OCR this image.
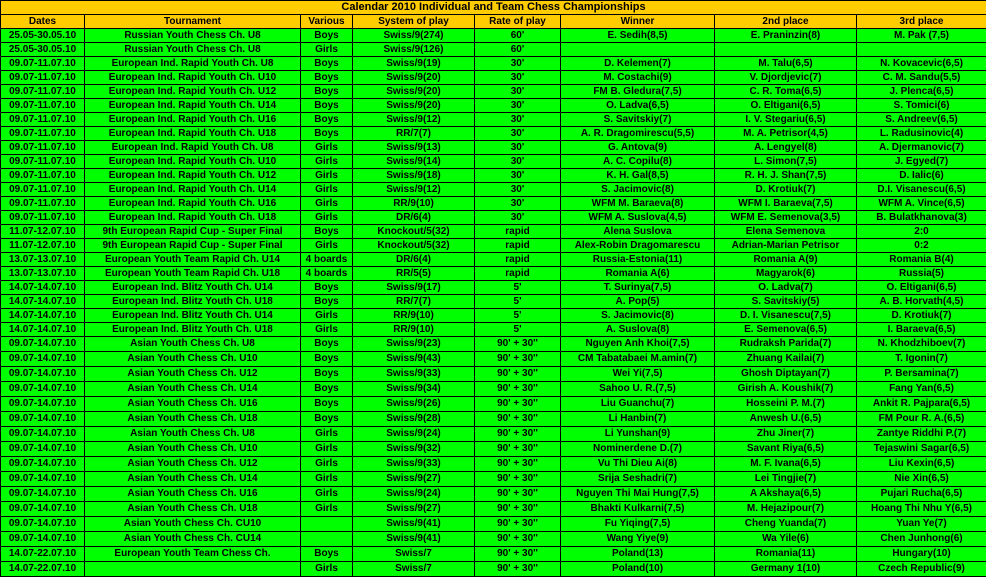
Calendar 2010 Individual and Team Chess Championships
Dates	Tournament	Various	System of play	Rate of play	Winner	2nd place	3rd place
25.05-30.05.10	Russian Youth Chess Ch. U8	Boys	Swiss/9(274)	60'	E. Sedih(8,5)	E. Praninzin(8)	M. Pak (7,5)
25.05-30.05.10	Russian Youth Chess Ch. U8	Girls	Swiss/9(126)	60'			
09.07-11.07.10	European Ind. Rapid Youth Ch. U8	Boys	Swiss/9(19)	30'	D. Kelemen(7)	M. Talu(6,5)	N. Kovacevic(6,5)
09.07-11.07.10	European Ind. Rapid Youth Ch. U10	Boys	Swiss/9(20)	30'	M. Costachi(9)	V. Djordjevic(7)	C. M. Sandu(5,5)
09.07-11.07.10	European Ind. Rapid Youth Ch. U12	Boys	Swiss/9(20)	30'	FM B. Gledura(7,5)	C. R. Toma(6,5)	J. Plenca(6,5)
09.07-11.07.10	European Ind. Rapid Youth Ch. U14	Boys	Swiss/9(20)	30'	O. Ladva(6,5)	O. Eltigani(6,5)	S. Tomici(6)
09.07-11.07.10	European Ind. Rapid Youth Ch. U16	Boys	Swiss/9(12)	30'	S. Savitskiy(7)	I. V. Stegariu(6,5)	S. Andreev(6,5)
09.07-11.07.10	European Ind. Rapid Youth Ch. U18	Boys	RR/7(7)	30'	A. R. Dragomirescu(5,5)	M. A. Petrisor(4,5)	L. Radusinovic(4)
09.07-11.07.10	European Ind. Rapid Youth Ch. U8	Girls	Swiss/9(13)	30'	G. Antova(9)	A. Lengyel(8)	A. Djermanovic(7)
09.07-11.07.10	European Ind. Rapid Youth Ch. U10	Girls	Swiss/9(14)	30'	A. C. Copilu(8)	L. Simon(7,5)	J. Egyed(7)
09.07-11.07.10	European Ind. Rapid Youth Ch. U12	Girls	Swiss/9(18)	30'	K. H. Gal(8,5)	R. H. J. Shan(7,5)	D. Ialic(6)
09.07-11.07.10	European Ind. Rapid Youth Ch. U14	Girls	Swiss/9(12)	30'	S. Jacimovic(8)	D. Krotiuk(7)	D.I. Visanescu(6,5)
09.07-11.07.10	European Ind. Rapid Youth Ch. U16	Girls	RR/9(10)	30'	WFM M. Baraeva(8)	WFM I. Baraeva(7,5)	WFM A. Vince(6,5)
09.07-11.07.10	European Ind. Rapid Youth Ch. U18	Girls	DR/6(4)	30'	WFM A. Suslova(4,5)	WFM E. Semenova(3,5)	B. Bulatkhanova(3)
11.07-12.07.10	9th European Rapid Cup - Super Final	Boys	Knockout/5(32)	rapid	Alena Suslova	Elena Semenova	2:0
11.07-12.07.10	9th European Rapid Cup - Super Final	Girls	Knockout/5(32)	rapid	Alex-Robin Dragomarescu	Adrian-Marian Petrisor	0:2
13.07-13.07.10	European Youth Team Rapid Ch. U14	4 boards	DR/6(4)	rapid	Russia-Estonia(11)	Romania A(9)	Romania B(4)
13.07-13.07.10	European Youth Team Rapid Ch. U18	4 boards	RR/5(5)	rapid	Romania A(6)	Magyarok(6)	Russia(5)
14.07-14.07.10	European Ind. Blitz Youth Ch. U14	Boys	Swiss/9(17)	5'	T. Surinya(7,5)	O. Ladva(7)	O. Eltigani(6,5)
14.07-14.07.10	European Ind. Blitz Youth Ch. U18	Boys	RR/7(7)	5'	A. Pop(5)	S. Savitskiy(5)	A. B. Horvath(4,5)
14.07-14.07.10	European Ind. Blitz Youth Ch. U14	Girls	RR/9(10)	5'	S. Jacimovic(8)	D. I. Visanescu(7,5)	D. Krotiuk(7)
14.07-14.07.10	European Ind. Blitz Youth Ch. U18	Girls	RR/9(10)	5'	A. Suslova(8)	E. Semenova(6,5)	I. Baraeva(6,5)
09.07-14.07.10	Asian Youth Chess Ch. U8	Boys	Swiss/9(23)	90' + 30''	Nguyen Anh Khoi(7,5)	Rudraksh Parida(7)	N. Khodzhiboev(7)
09.07-14.07.10	Asian Youth Chess Ch. U10	Boys	Swiss/9(43)	90' + 30''	CM Tabatabaei M.amin(7)	Zhuang Kailai(7)	T. Igonin(7)
09.07-14.07.10	Asian Youth Chess Ch. U12	Boys	Swiss/9(33)	90' + 30''	Wei Yi(7,5)	Ghosh Diptayan(7)	P. Bersamina(7)
09.07-14.07.10	Asian Youth Chess Ch. U14	Boys	Swiss/9(34)	90' + 30''	Sahoo U. R.(7,5)	Girish A. Koushik(7)	Fang Yan(6,5)
09.07-14.07.10	Asian Youth Chess Ch. U16	Boys	Swiss/9(26)	90' + 30''	Liu Guanchu(7)	Hosseini P. M.(7)	Ankit R. Pajpara(6,5)
09.07-14.07.10	Asian Youth Chess Ch. U18	Boys	Swiss/9(28)	90' + 30''	Li Hanbin(7)	Anwesh U.(6,5)	FM Pour R. A.(6,5)
09.07-14.07.10	Asian Youth Chess Ch. U8	Girls	Swiss/9(24)	90' + 30''	Li Yunshan(9)	Zhu Jiner(7)	Zantye Riddhi P.(7)
09.07-14.07.10	Asian Youth Chess Ch. U10	Girls	Swiss/9(32)	90' + 30''	Nominerdene D.(7)	Savant Riya(6,5)	Tejaswini Sagar(6,5)
09.07-14.07.10	Asian Youth Chess Ch. U12	Girls	Swiss/9(33)	90' + 30''	Vu Thi Dieu Ai(8)	M. F. Ivana(6,5)	Liu Kexin(6,5)
09.07-14.07.10	Asian Youth Chess Ch. U14	Girls	Swiss/9(27)	90' + 30''	Srija Seshadri(7)	Lei Tingjie(7)	Nie Xin(6,5)
09.07-14.07.10	Asian Youth Chess Ch. U16	Girls	Swiss/9(24)	90' + 30''	Nguyen Thi Mai Hung(7,5)	A Akshaya(6,5)	Pujari Rucha(6,5)
09.07-14.07.10	Asian Youth Chess Ch. U18	Girls	Swiss/9(27)	90' + 30''	Bhakti Kulkarni(7,5)	M. Hejazipour(7)	Hoang Thi Nhu Y(6,5)
09.07-14.07.10	Asian Youth Chess Ch. CU10		Swiss/9(41)	90' + 30''	Fu Yiqing(7,5)	Cheng Yuanda(7)	Yuan Ye(7)
09.07-14.07.10	Asian Youth Chess Ch. CU14		Swiss/9(41)	90' + 30''	Wang Yiye(9)	Wa Yile(6)	Chen Junhong(6)
14.07-22.07.10	European Youth Team Chess Ch.	Boys	Swiss/7	90' + 30''	Poland(13)	Romania(11)	Hungary(10)
14.07-22.07.10		Girls	Swiss/7	90' + 30''	Poland(10)	Germany 1(10)	Czech Republic(9)
